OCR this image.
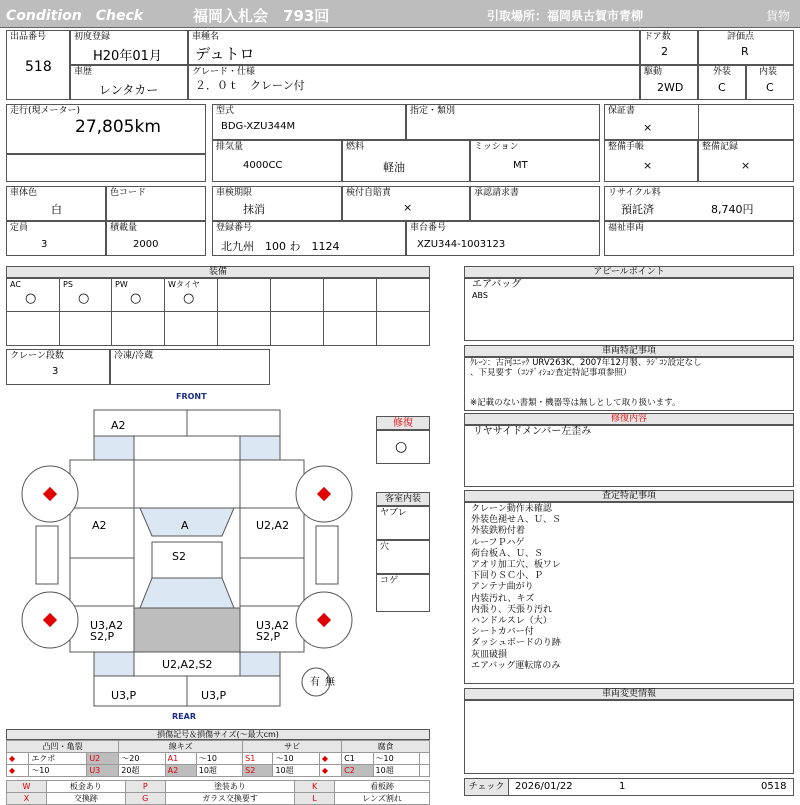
Condition　Check	福岡入札会　793回	引取場所：福岡県古賀市青柳	貨物
出品番号
518
初度登録
H20年01月
車歴
レンタカー
車種名
デュトロ
グレード・仕様
２．０ｔ　クレーン付
ドア数
2
駆動
2WD
評価点
R
外装
C
内装
C
走行(現メーター)
27,805km
型式
BDG-XZU344M
指定・類別
排気量
4000CC
燃料
軽油
ミッション
MT
保証書
×
整備手帳
×
整備記録
×
車体色
白
色コード
定員
3
積載量
2000
車検期限
抹消
検付自賠責
×
承認請求書
登録番号
北九州　100 わ　1124
車台番号
XZU344-1003123
リサイクル料
預託済	8,740円
福祉車両
装備
AC
○
PS
○
PW
○
Wタイヤ
○
クレーン段数
3
冷凍/冷蔵
アピールポイント
エアバッグ
ABS
車両特記事項
ｸﾚｰﾝ：古河ﾕﾆｯｸ URV263K、2007年12月製、ﾗｼﾞｺﾝ設定なし
、下見要す（ｺﾝﾃﾞｨｼｮﾝ査定特記事項参照）
※記載のない書類・機器等は無しとして取り扱います。
修復内容
リヤサイドメンバー左歪み
査定特記事項
クレーン動作未確認
外装色褪せＡ、Ｕ、Ｓ
外装鉄粉付着
ルーフＰハゲ
荷台板Ａ、Ｕ、Ｓ
アオリ加工穴、板ワレ
下回りＳＣ小、Ｐ
アンテナ曲がり
内装汚れ、キズ
内張り、天張り汚れ
ハンドルスレ（大）
シートカバー付
ダッシュボードのり跡
灰皿破損
エアバッグ運転席のみ
車両変更情報
修復
○
客室内装
ヤブレ
穴
コゲ
FRONT
REAR
A2
A2	A	U2,A2
S2
U3,A2
S2,P
U3,A2
S2,P
U2,A2,S2
U3,P	U3,P
有 無
損傷記号＆損傷サイズ(～最大cm)
凸凹・亀裂			線キズ			サビ			腐食		
◆	エクボ	U2	～20	A1	～10	S1	～10	◆	C1	～10	
◆	～10	U3	20超	A2	10超	S2	10超	◆	C2	10超	
W	板金あり	P	塗装あり	K	看板跡
X	交換跡	G	ガラス交換要す	L	レンズ割れ
チェック	2026/01/22	1	0518
